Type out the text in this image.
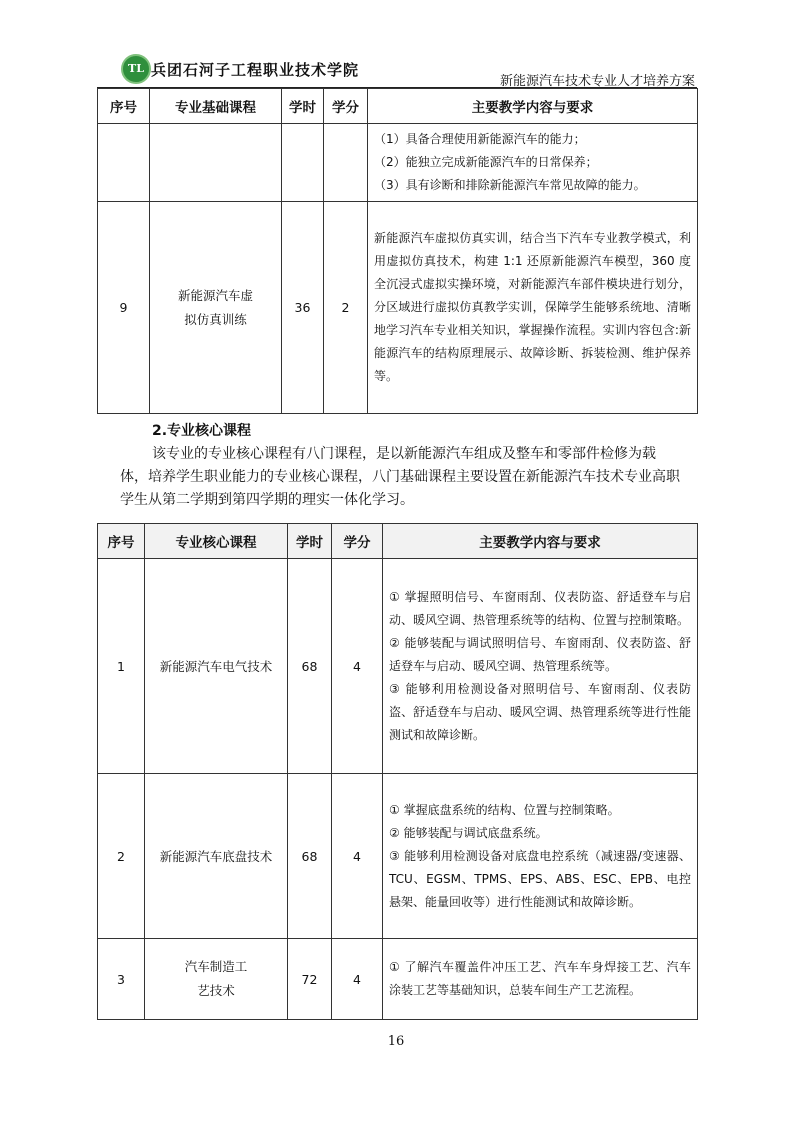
TL 兵团石河子工程职业技术学院
新能源汽车技术专业人才培养方案
序号	专业基础课程	学时	学分	主要教学内容与要求

				（1）具备合理使用新能源汽车的能力；

（2）能独立完成新能源汽车的日常保养；

（3）具有诊断和排除新能源汽车常见故障的能力。

9	新能源汽车虚拟仿真训练	36	2	新能源汽车虚拟仿真实训，结合当下汽车专业教学模式，利用虚拟仿真技术，构建 1:1 还原新能源汽车模型，360 度全沉浸式虚拟实操环境，对新能源汽车部件模块进行划分，分区域进行虚拟仿真教学实训，保障学生能够系统地、清晰地学习汽车专业相关知识，掌握操作流程。实训内容包含:新能源汽车的结构原理展示、故障诊断、拆装检测、维护保养等。

2.专业核心课程

该专业的专业核心课程有八门课程，是以新能源汽车组成及整车和零部件检修为载体，培养学生职业能力的专业核心课程，八门基础课程主要设置在新能源汽车技术专业高职学生从第二学期到第四学期的理实一体化学习。

序号	专业核心课程	学时	学分	主要教学内容与要求
1	新能源汽车电气技术	68	4	① 掌握照明信号、车窗雨刮、仪表防盗、舒适登车与启动、暖风空调、热管理系统等的结构、位置与控制策略。

② 能够装配与调试照明信号、车窗雨刮、仪表防盗、舒适登车与启动、暖风空调、热管理系统等。

③ 能够利用检测设备对照明信号、车窗雨刮、仪表防盗、舒适登车与启动、暖风空调、热管理系统等进行性能测试和故障诊断。

2	新能源汽车底盘技术	68	4	① 掌握底盘系统的结构、位置与控制策略。

② 能够装配与调试底盘系统。

③ 能够利用检测设备对底盘电控系统（减速器/变速器、TCU、EGSM、TPMS、EPS、ABS、ESC、EPB、电控悬架、能量回收等）进行性能测试和故障诊断。

3	汽车制造工艺技术	72	4	① 了解汽车覆盖件冲压工艺、汽车车身焊接工艺、汽车涂装工艺等基础知识，总装车间生产工艺流程。

16
